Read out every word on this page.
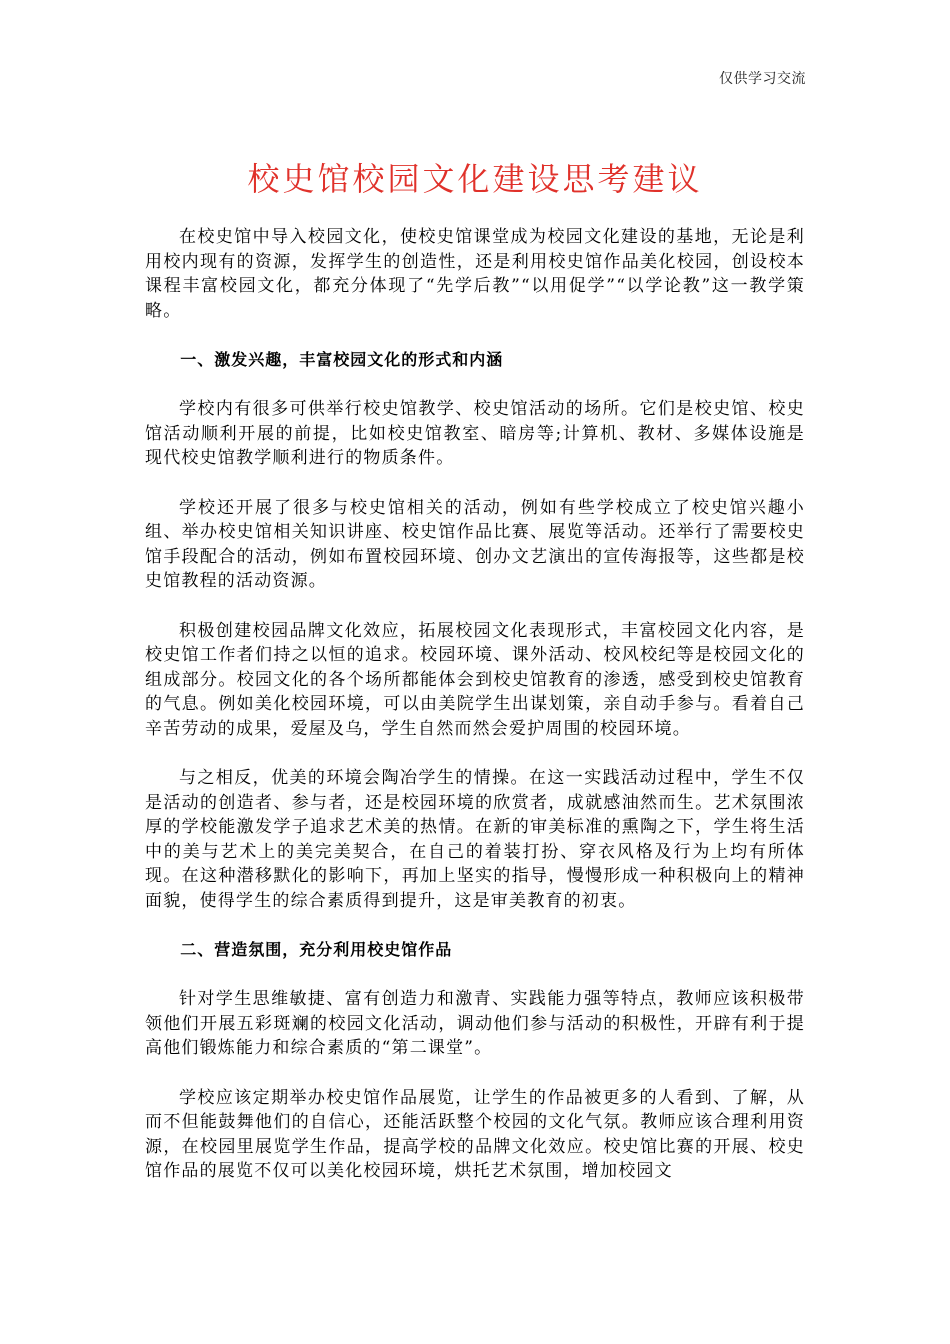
仅供学习交流
校史馆校园文化建设思考建议

在校史馆中导入校园文化，使校史馆课堂成为校园文化建设的基地，无论是利用校内现有的资源，发挥学生的创造性，还是利用校史馆作品美化校园，创设校本课程丰富校园文化，都充分体现了“先学后教”“以用促学”“以学论教”这一教学策略。

一、激发兴趣，丰富校园文化的形式和内涵

学校内有很多可供举行校史馆教学、校史馆活动的场所。它们是校史馆、校史馆活动顺利开展的前提，比如校史馆教室、暗房等;计算机、教材、多媒体设施是现代校史馆教学顺利进行的物质条件。

学校还开展了很多与校史馆相关的活动，例如有些学校成立了校史馆兴趣小组、举办校史馆相关知识讲座、校史馆作品比赛、展览等活动。还举行了需要校史馆手段配合的活动，例如布置校园环境、创办文艺演出的宣传海报等，这些都是校史馆教程的活动资源。

积极创建校园品牌文化效应，拓展校园文化表现形式，丰富校园文化内容，是校史馆工作者们持之以恒的追求。校园环境、课外活动、校风校纪等是校园文化的组成部分。校园文化的各个场所都能体会到校史馆教育的渗透，感受到校史馆教育的气息。例如美化校园环境，可以由美院学生出谋划策，亲自动手参与。看着自己辛苦劳动的成果，爱屋及乌，学生自然而然会爱护周围的校园环境。

与之相反，优美的环境会陶冶学生的情操。在这一实践活动过程中，学生不仅是活动的创造者、参与者，还是校园环境的欣赏者，成就感油然而生。艺术氛围浓厚的学校能激发学子追求艺术美的热情。在新的审美标准的熏陶之下，学生将生活中的美与艺术上的美完美契合，在自己的着装打扮、穿衣风格及行为上均有所体现。在这种潜移默化的影响下，再加上坚实的指导，慢慢形成一种积极向上的精神面貌，使得学生的综合素质得到提升，这是审美教育的初衷。

二、营造氛围，充分利用校史馆作品

针对学生思维敏捷、富有创造力和激青、实践能力强等特点，教师应该积极带领他们开展五彩斑斓的校园文化活动，调动他们参与活动的积极性，开辟有利于提高他们锻炼能力和综合素质的“第二课堂”。

学校应该定期举办校史馆作品展览，让学生的作品被更多的人看到、了解，从而不但能鼓舞他们的自信心，还能活跃整个校园的文化气氛。教师应该合理利用资源，在校园里展览学生作品，提高学校的品牌文化效应。校史馆比赛的开展、校史馆作品的展览不仅可以美化校园环境，烘托艺术氛围，增加校园文
